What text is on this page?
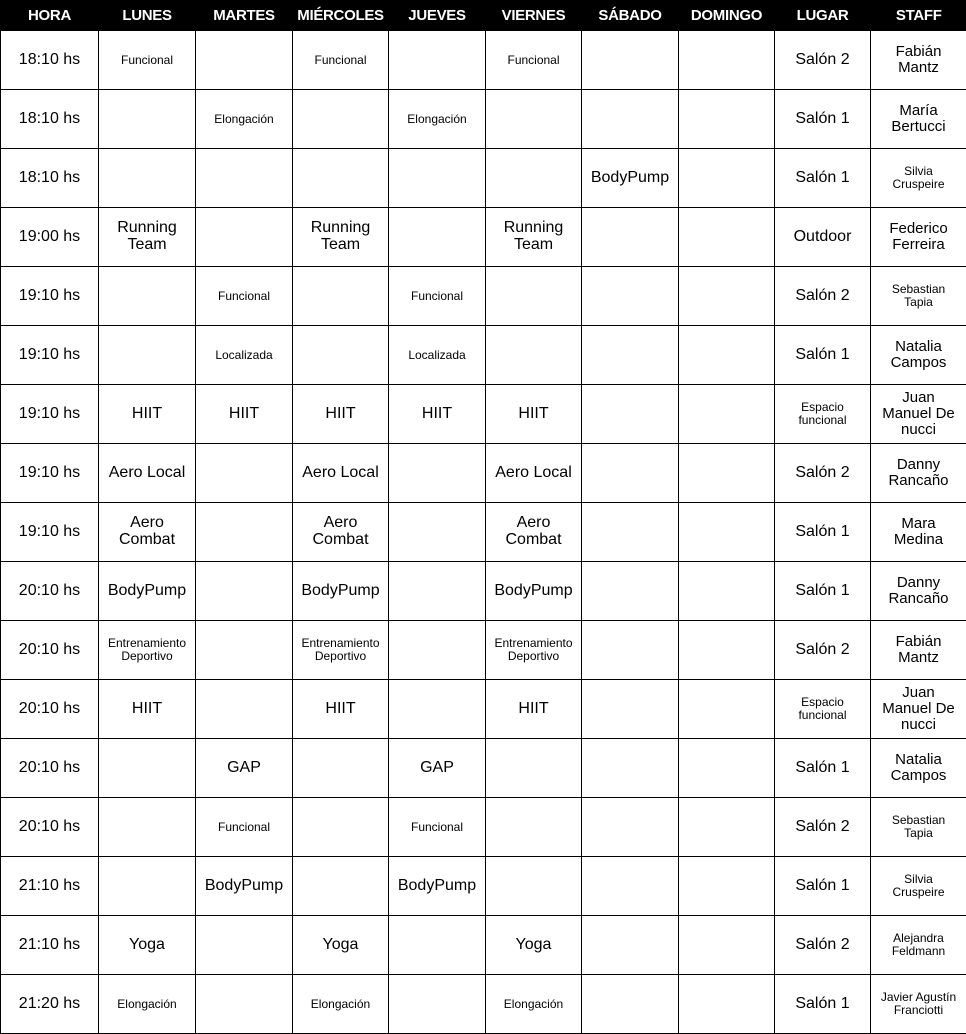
HORA	LUNES	MARTES	MIÉRCOLES	JUEVES	VIERNES	SÁBADO	DOMINGO	LUGAR	STAFF

18:10 hs	Funcional		Funcional		Funcional			Salón 2	Fabián
Mantz

18:10 hs		Elongación		Elongación				Salón 1	María
Bertucci

18:10 hs						BodyPump		Salón 1	Silvia
Cruspeire

19:00 hs	Running
Team		Running
Team		Running
Team			Outdoor	Federico
Ferreira

19:10 hs		Funcional		Funcional				Salón 2	Sebastian
Tapia

19:10 hs		Localizada		Localizada				Salón 1	Natalia
Campos

19:10 hs	HIIT	HIIT	HIIT	HIIT	HIIT			Espacio
funcional	Juan
Manuel De
nucci

19:10 hs	Aero Local		Aero Local		Aero Local			Salón 2	Danny
Rancaño

19:10 hs	Aero
Combat		Aero
Combat		Aero
Combat			Salón 1	Mara
Medina

20:10 hs	BodyPump		BodyPump		BodyPump			Salón 1	Danny
Rancaño

20:10 hs	Entrenamiento
Deportivo		Entrenamiento
Deportivo		Entrenamiento
Deportivo			Salón 2	Fabián
Mantz

20:10 hs	HIIT		HIIT		HIIT			Espacio
funcional	Juan
Manuel De
nucci

20:10 hs		GAP		GAP				Salón 1	Natalia
Campos

20:10 hs		Funcional		Funcional				Salón 2	Sebastian
Tapia

21:10 hs		BodyPump		BodyPump				Salón 1	Silvia
Cruspeire

21:10 hs	Yoga		Yoga		Yoga			Salón 2	Alejandra
Feldmann

21:20 hs	Elongación		Elongación		Elongación			Salón 1	Javier Agustín
Franciotti
